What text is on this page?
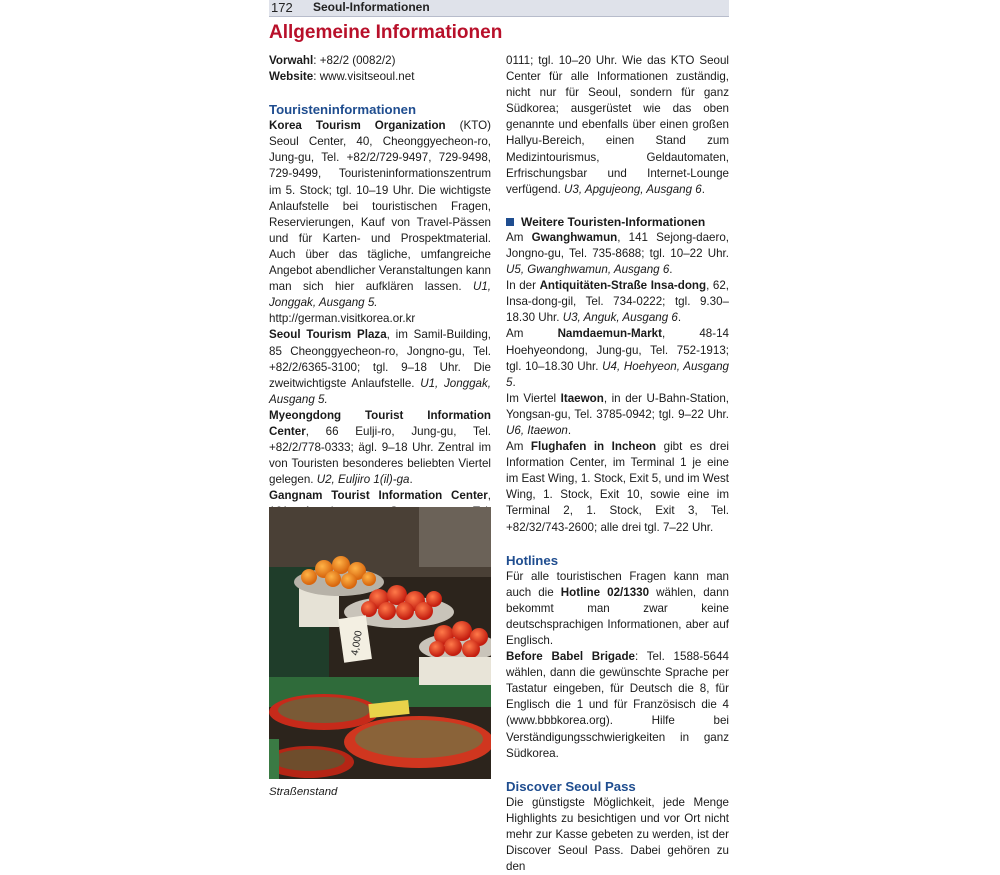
172 Seoul-Informationen
Allgemeine Informationen

Vorwahl: +82/2 (0082/2)

Website: www.visitseoul.net

Touristeninformationen

Korea Tourism Organization (KTO) Seoul Center, 40, Cheonggyecheon-ro, Jung-gu, Tel. +82/2/729-9497, 729-9498, 729-9499, Touristeninformationszentrum im 5. Stock; tgl. 10–19 Uhr. Die wichtigste Anlaufstelle bei touristischen Fragen, Reservierungen, Kauf von Travel-Pässen und für Karten- und Prospektmaterial. Auch über das tägliche, umfangreiche Angebot abendlicher Veranstaltungen kann man sich hier aufklären lassen. U1, Jonggak, Ausgang 5.

http://german.visitkorea.or.kr

Seoul Tourism Plaza, im Samil-Building, 85 Cheonggyecheon-ro, Jongno-gu, Tel. +82/2/6365-3100; tgl. 9–18 Uhr. Die zweitwichtigste Anlaufstelle. U1, Jonggak, Ausgang 5.

Myeongdong Tourist Information Center, 66 Eulji-ro, Jung-gu, Tel. +82/2/778-0333; ägl. 9–18 Uhr. Zentral im von Touristen besonderes beliebten Viertel gelegen. U2, Euljiro 1(il)-ga.

Gangnam Tourist Information Center,

4,000
Straßenstand

0111; tgl. 10–20 Uhr. Wie das KTO Seoul Center für alle Informationen zuständig, nicht nur für Seoul, sondern für ganz Südkorea; ausgerüstet wie das oben genannte und ebenfalls über einen großen Hallyu-Bereich, einen Stand zum Medizintourismus, Geldautomaten, Erfrischungsbar und Internet-Lounge verfügend. U3, Apgujeong, Ausgang 6.

Weitere Touristen-Informationen

Am Gwanghwamun, 141 Sejong-daero, Jongno-gu, Tel. 735-8688; tgl. 10–22 Uhr. U5, Gwanghwamun, Ausgang 6.

In der Antiquitäten-Straße Insa-dong, 62, Insa-dong-gil, Tel. 734-0222; tgl. 9.30–18.30 Uhr. U3, Anguk, Ausgang 6.

Am Namdaemun-Markt, 48-14 Hoehyeondong, Jung-gu, Tel. 752-1913; tgl. 10–18.30 Uhr. U4, Hoehyeon, Ausgang 5.

Im Viertel Itaewon, in der U-Bahn-Station, Yongsan-gu, Tel. 3785-0942; tgl. 9–22 Uhr. U6, Itaewon.

Am Flughafen in Incheon gibt es drei Information Center, im Terminal 1 je eine im East Wing, 1. Stock, Exit 5, und im West Wing, 1. Stock, Exit 10, sowie eine im Terminal 2, 1. Stock, Exit 3, Tel. +82/32/743-2600; alle drei tgl. 7–22 Uhr.

Hotlines

Für alle touristischen Fragen kann man auch die Hotline 02/1330 wählen, dann bekommt man zwar keine deutschsprachigen Informationen, aber auf Englisch.

Before Babel Brigade: Tel. 1588-5644 wählen, dann die gewünschte Sprache per Tastatur eingeben, für Deutsch die 8, für Englisch die 1 und für Französisch die 4 (www.bbbkorea.org). Hilfe bei Verständigungsschwierigkeiten in ganz Südkorea.

Discover Seoul Pass

Die günstigste Möglichkeit, jede Menge Highlights zu besichtigen und vor Ort nicht mehr zur Kasse gebeten zu werden, ist der Discover Seoul Pass. Dabei gehören zu den
